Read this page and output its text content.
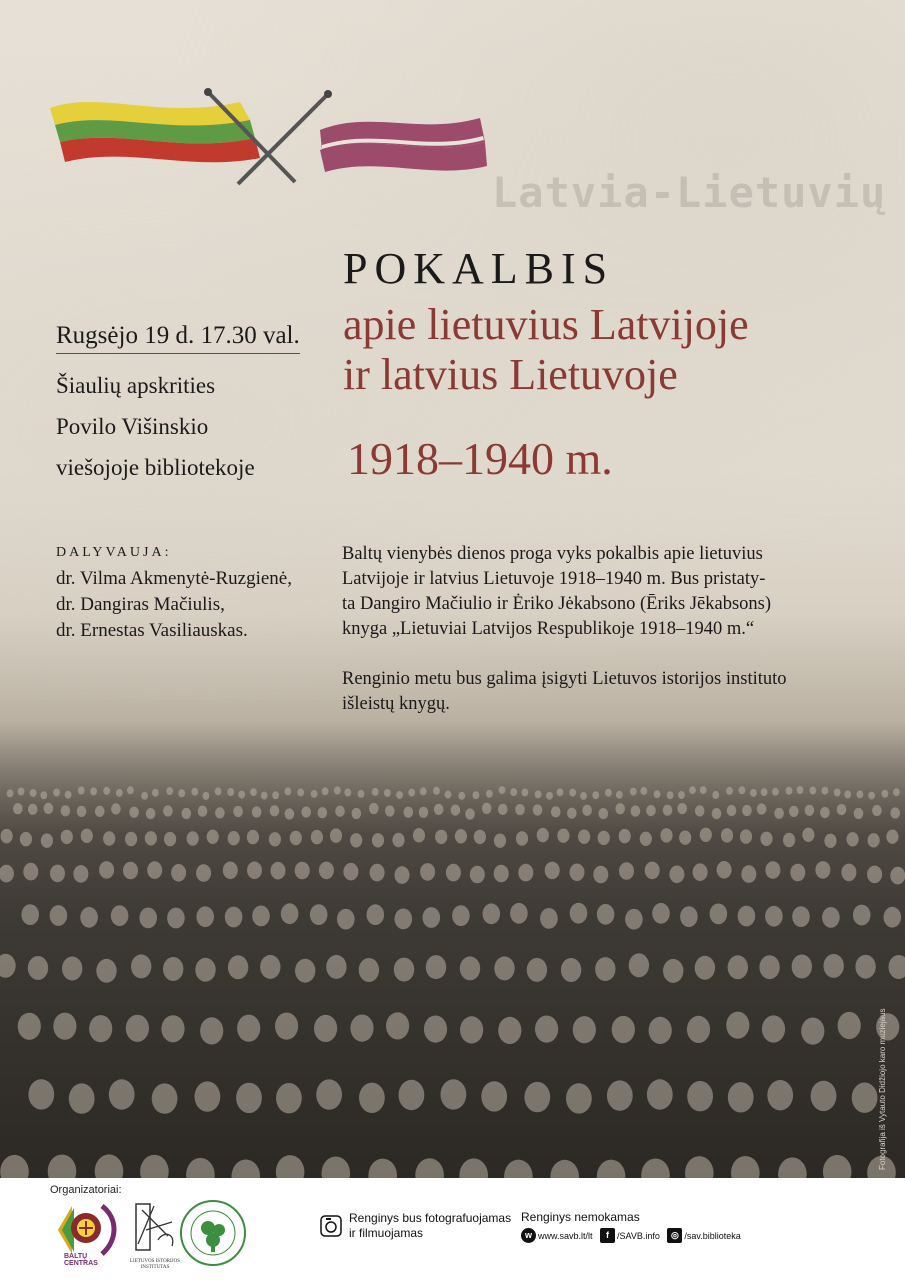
Latvia-Lietuvių
POKALBIS
apie lietuvius Latvijoje
ir latvius Lietuvoje
1918–1940 m.
Rugsėjo 19 d. 17.30 val.
Šiaulių apskrities
Povilo Višinskio
viešojoje bibliotekoje
DALYVAUJA:
dr. Vilma Akmenytė-Ruzgienė,
dr. Dangiras Mačiulis,
dr. Ernestas Vasiliauskas.

Baltų vienybės dienos proga vyks pokalbis apie lietuvius
Latvijoje ir latvius Lietuvoje 1918–1940 m. Bus pristaty-
ta Dangiro Mačiulio ir Ėriko Jėkabsono (Ēriks Jēkabsons)
knyga „Lietuviai Latvijos Respublikoje 1918–1940 m.“

Renginio metu bus galima įsigyti Lietuvos istorijos instituto
išleistų knygų.

Fotografija iš Vytauto Didžiojo karo muziejaus
Organizatoriai:
BALTŲ CENTRAS	LIETUVOS ISTORIJOS INSTITUTAS
Renginys bus fotografuojamas
ir filmuojamas
Renginys nemokamas
w www.savb.lt/lt
	f /SAVB.info
	◎ /sav.biblioteka
